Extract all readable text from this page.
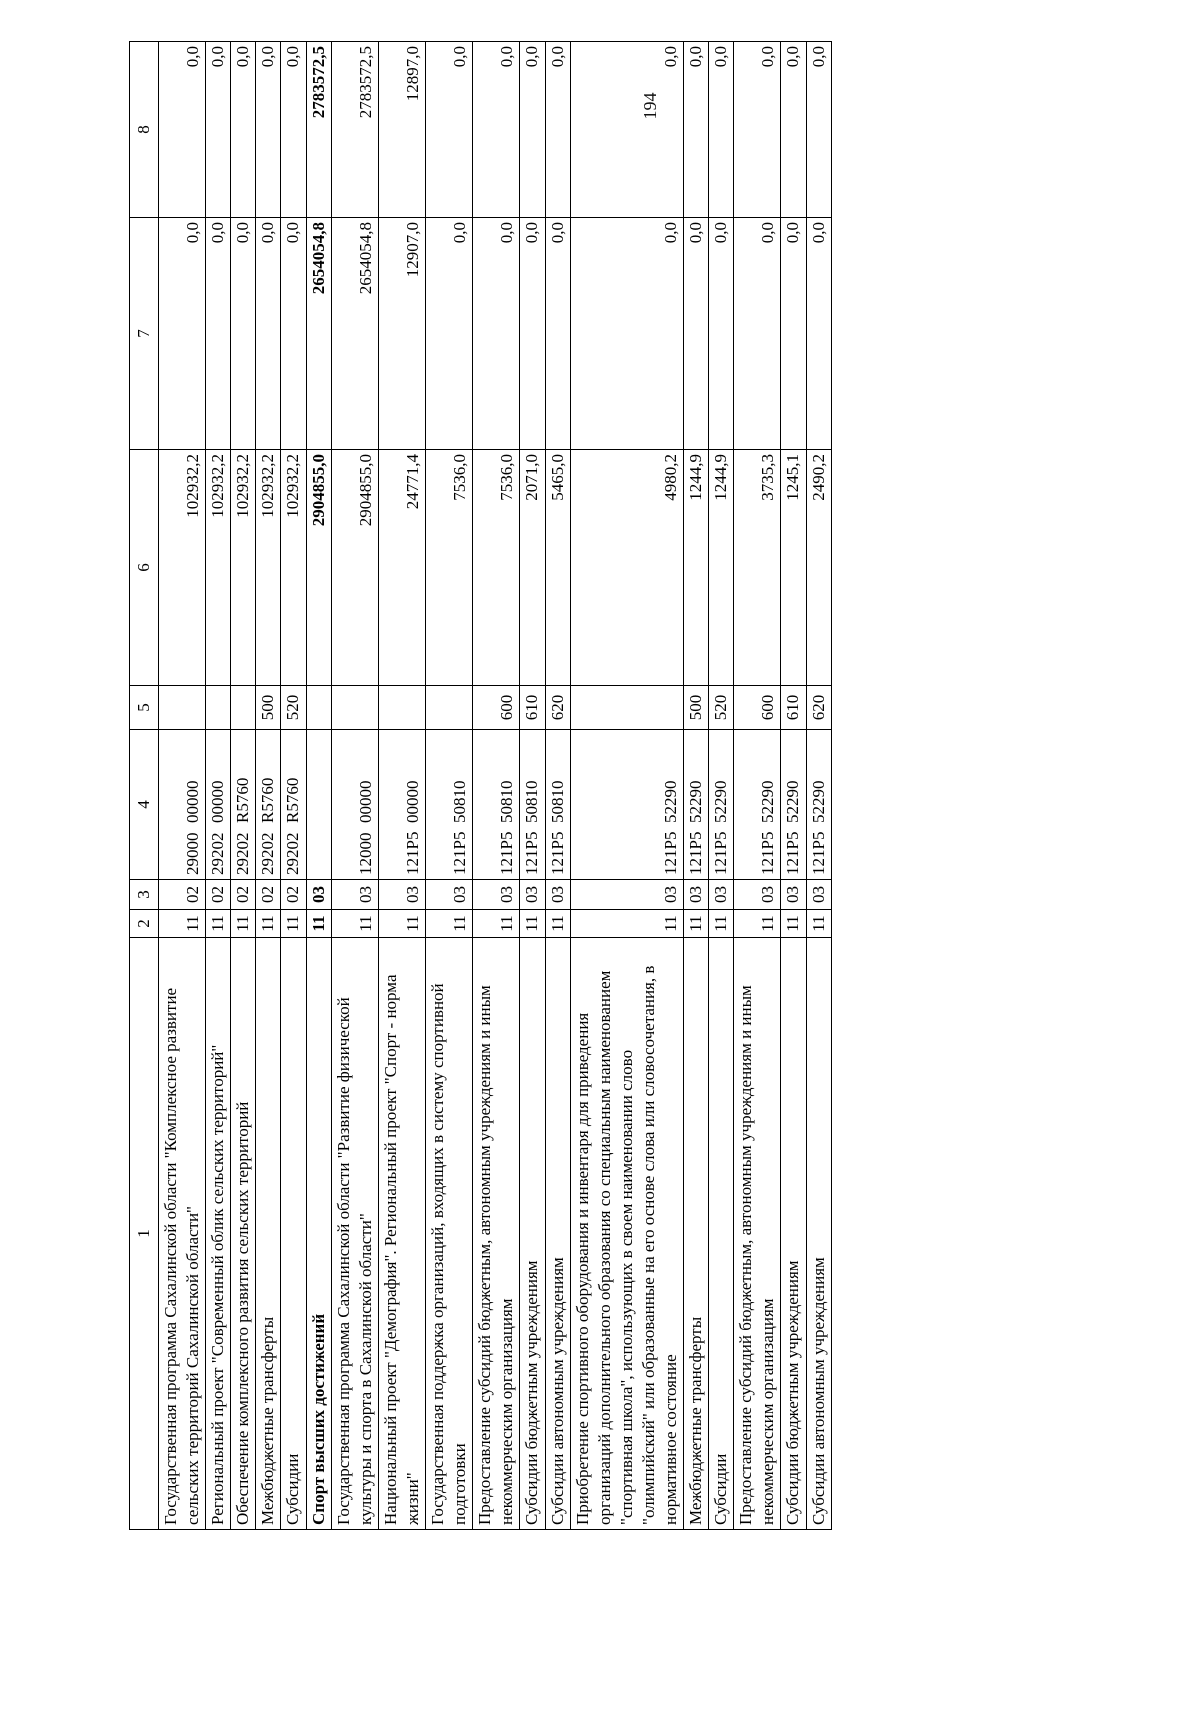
194
1	2	3	4	5	6	7	8
Государственная программа Сахалинской области "Комплексное развитие сельских территорий Сахалинской области"	11	02	2900000000		102932,2	0,0	0,0
Региональный проект "Современный облик сельских территорий"	11	02	2920200000		102932,2	0,0	0,0
Обеспечение комплексного развития сельских территорий	11	02	29202R5760		102932,2	0,0	0,0
Межбюджетные трансферты	11	02	29202R5760	500	102932,2	0,0	0,0
Субсидии	11	02	29202R5760	520	102932,2	0,0	0,0
Спорт высших достижений	11	03			2904855,0	2654054,8	2783572,5
Государственная программа Сахалинской области "Развитие физической культуры и спорта в Сахалинской области"	11	03	1200000000		2904855,0	2654054,8	2783572,5
Национальный проект "Демография". Региональный проект "Спорт - норма жизни"	11	03	121P500000		24771,4	12907,0	12897,0
Государственная поддержка организаций, входящих в систему спортивной подготовки	11	03	121P550810		7536,0	0,0	0,0
Предоставление субсидий бюджетным, автономным учреждениям и иным некоммерческим организациям	11	03	121P550810	600	7536,0	0,0	0,0
Субсидии бюджетным учреждениям	11	03	121P550810	610	2071,0	0,0	0,0
Субсидии автономным учреждениям	11	03	121P550810	620	5465,0	0,0	0,0
Приобретение спортивного оборудования и инвентаря для приведения организаций дополнительного образования со специальным наименованием "спортивная школа", использующих в своем наименовании слово "олимпийский" или образованные на его основе слова или словосочетания, в нормативное состояние	11	03	121P552290		4980,2	0,0	0,0
Межбюджетные трансферты	11	03	121P552290	500	1244,9	0,0	0,0
Субсидии	11	03	121P552290	520	1244,9	0,0	0,0
Предоставление субсидий бюджетным, автономным учреждениям и иным некоммерческим организациям	11	03	121P552290	600	3735,3	0,0	0,0
Субсидии бюджетным учреждениям	11	03	121P552290	610	1245,1	0,0	0,0
Субсидии автономным учреждениям	11	03	121P552290	620	2490,2	0,0	0,0
